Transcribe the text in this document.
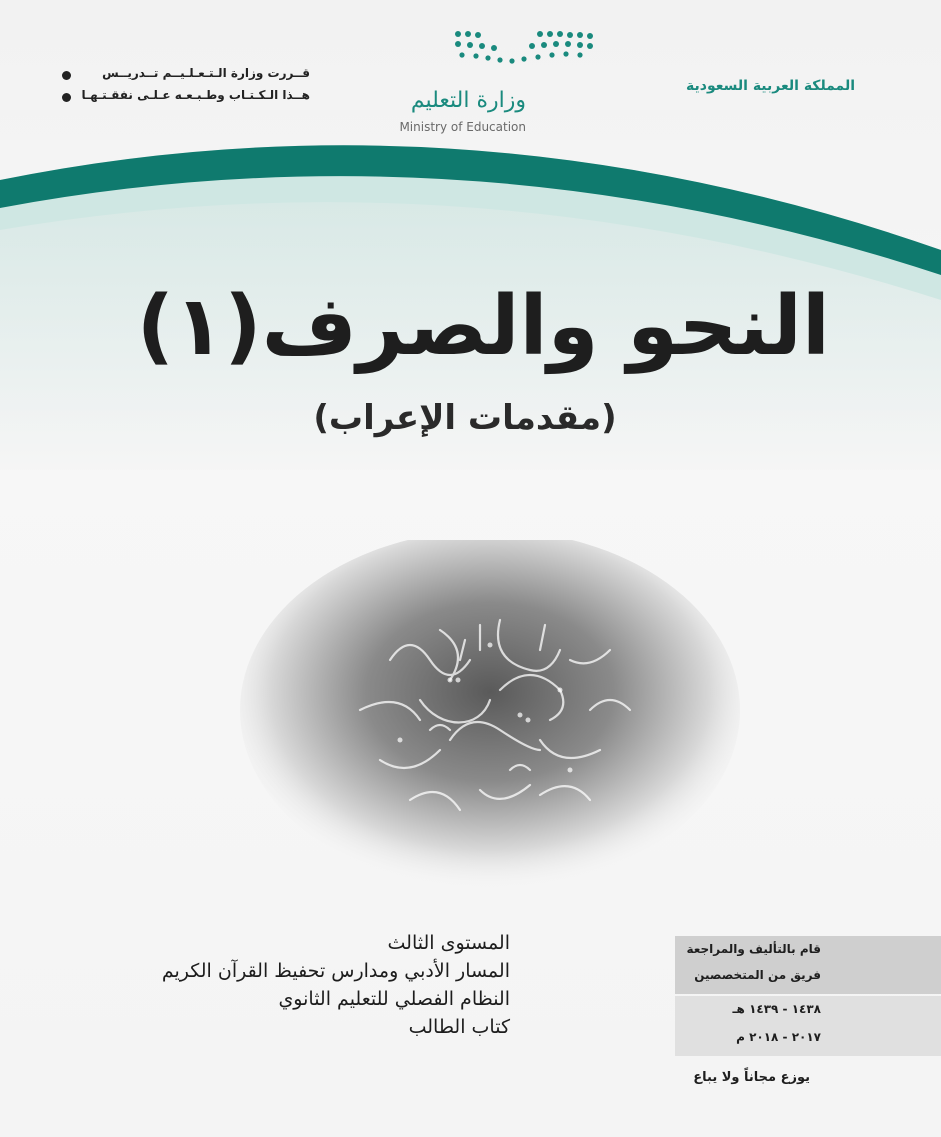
المملكة العربية السعودية
وزارة التعليم
Ministry of Education
قــررت وزارة الـتـعـلـيــم تــدريــس
هــذا الـكـتـاب وطـبـعـه عـلـى نفقـتـهـا
النحو والصرف(١)
(مقدمات الإعراب)
المستوى الثالث
المسار الأدبي ومدارس تحفيظ القرآن الكريم
النظام الفصلي للتعليم الثانوي
كتاب الطالب
قام بالتأليف والمراجعة
فريق من المتخصصين
١٤٣٨ - ١٤٣٩ هـ
٢٠١٧ - ٢٠١٨ م
يوزع مجاناً ولا يباع
